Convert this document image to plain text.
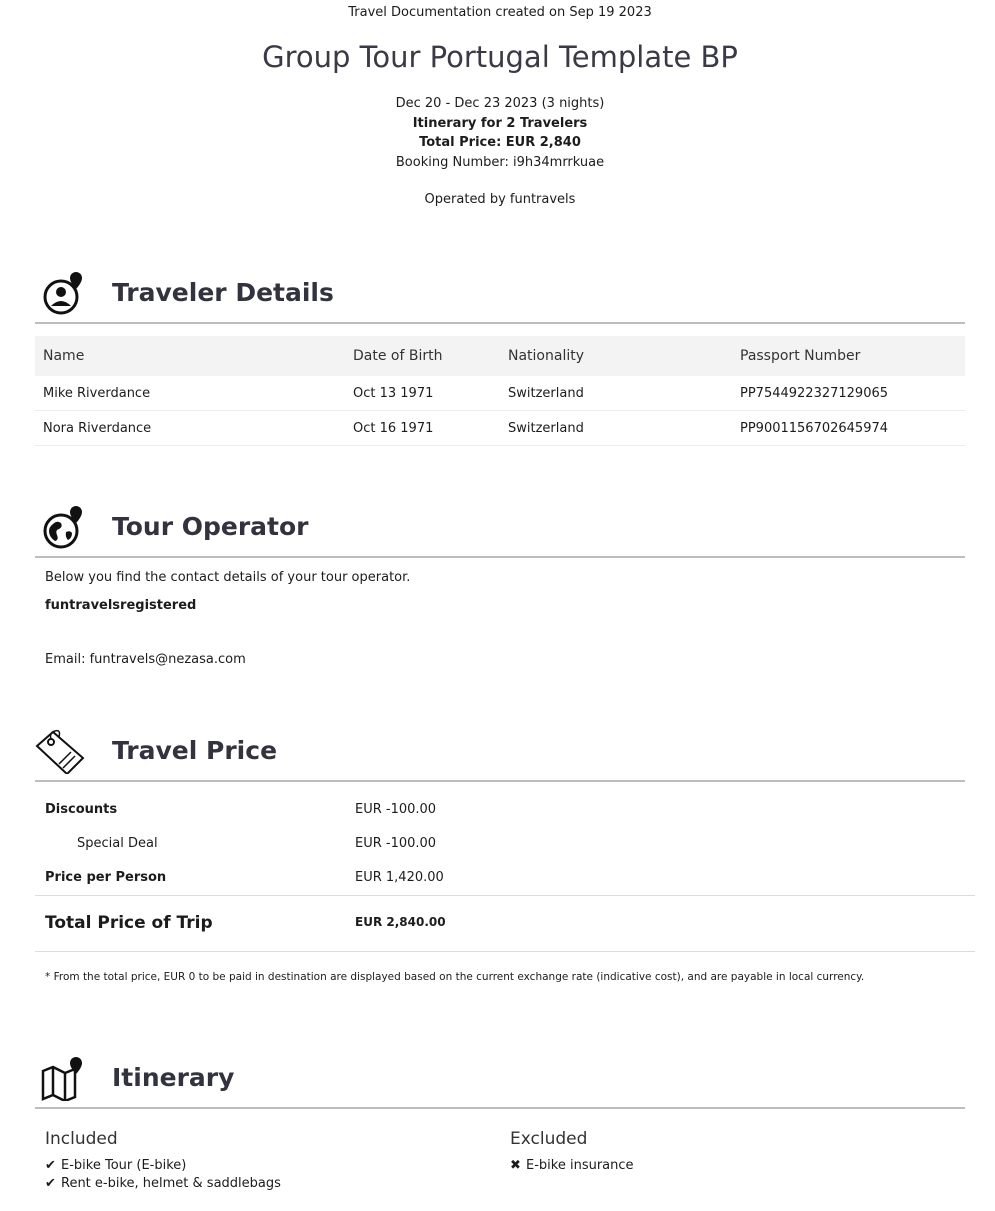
Travel Documentation created on Sep 19 2023
Group Tour Portugal Template BP
Dec 20 - Dec 23 2023 (3 nights)
Itinerary for 2 Travelers
Total Price: EUR 2,840
Booking Number: i9h34mrrkuae
Operated by funtravels
Traveler Details
Name	Date of Birth	Nationality	Passport Number
Mike Riverdance	Oct 13 1971	Switzerland	PP7544922327129065
Nora Riverdance	Oct 16 1971	Switzerland	PP9001156702645974
Tour Operator
Below you find the contact details of your tour operator.
funtravelsregistered
Email: funtravels@nezasa.com
Travel Price
Discounts	EUR -100.00
Special Deal	EUR -100.00
Price per Person	EUR 1,420.00
Total Price of Trip	EUR 2,840.00
* From the total price, EUR 0 to be paid in destination are displayed based on the current exchange rate (indicative cost), and are payable in local currency.
Itinerary
Included
✔ E-bike Tour (E-bike)
✔ Rent e-bike, helmet & saddlebags
Excluded
✖ E-bike insurance
